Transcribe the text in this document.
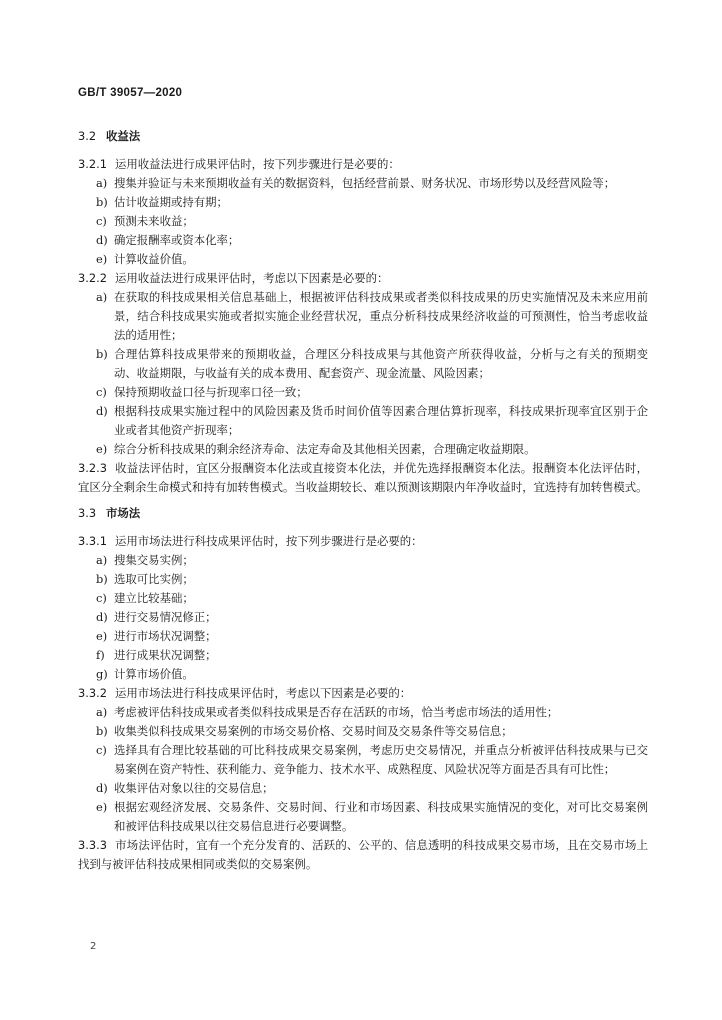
GB/T 39057—2020

3.2 收益法

3.2.1 运用收益法进行成果评估时，按下列步骤进行是必要的：

a) 搜集并验证与未来预期收益有关的数据资料，包括经营前景、财务状况、市场形势以及经营风险等；
b) 估计收益期或持有期；
c) 预测未来收益；
d) 确定报酬率或资本化率；
e) 计算收益价值。

3.2.2 运用收益法进行成果评估时，考虑以下因素是必要的：

a) 在获取的科技成果相关信息基础上，根据被评估科技成果或者类似科技成果的历史实施情况及未来应用前景，结合科技成果实施或者拟实施企业经营状况，重点分析科技成果经济收益的可预测性，恰当考虑收益法的适用性；
b) 合理估算科技成果带来的预期收益，合理区分科技成果与其他资产所获得收益，分析与之有关的预期变动、收益期限，与收益有关的成本费用、配套资产、现金流量、风险因素；
c) 保持预期收益口径与折现率口径一致；
d) 根据科技成果实施过程中的风险因素及货币时间价值等因素合理估算折现率，科技成果折现率宜区别于企业或者其他资产折现率；
e) 综合分析科技成果的剩余经济寿命、法定寿命及其他相关因素，合理确定收益期限。

3.2.3 收益法评估时，宜区分报酬资本化法或直接资本化法，并优先选择报酬资本化法。报酬资本化法评估时，宜区分全剩余生命模式和持有加转售模式。当收益期较长、难以预测该期限内年净收益时，宜选持有加转售模式。

3.3 市场法

3.3.1 运用市场法进行科技成果评估时，按下列步骤进行是必要的：

a) 搜集交易实例；
b) 选取可比实例；
c) 建立比较基础；
d) 进行交易情况修正；
e) 进行市场状况调整；
f) 进行成果状况调整；
g) 计算市场价值。

3.3.2 运用市场法进行科技成果评估时，考虑以下因素是必要的：

a) 考虑被评估科技成果或者类似科技成果是否存在活跃的市场，恰当考虑市场法的适用性；
b) 收集类似科技成果交易案例的市场交易价格、交易时间及交易条件等交易信息；
c) 选择具有合理比较基础的可比科技成果交易案例，考虑历史交易情况，并重点分析被评估科技成果与已交易案例在资产特性、获利能力、竞争能力、技术水平、成熟程度、风险状况等方面是否具有可比性；
d) 收集评估对象以往的交易信息；
e) 根据宏观经济发展、交易条件、交易时间、行业和市场因素、科技成果实施情况的变化，对可比交易案例和被评估科技成果以往交易信息进行必要调整。

3.3.3 市场法评估时，宜有一个充分发育的、活跃的、公平的、信息透明的科技成果交易市场，且在交易市场上找到与被评估科技成果相同或类似的交易案例。

2
